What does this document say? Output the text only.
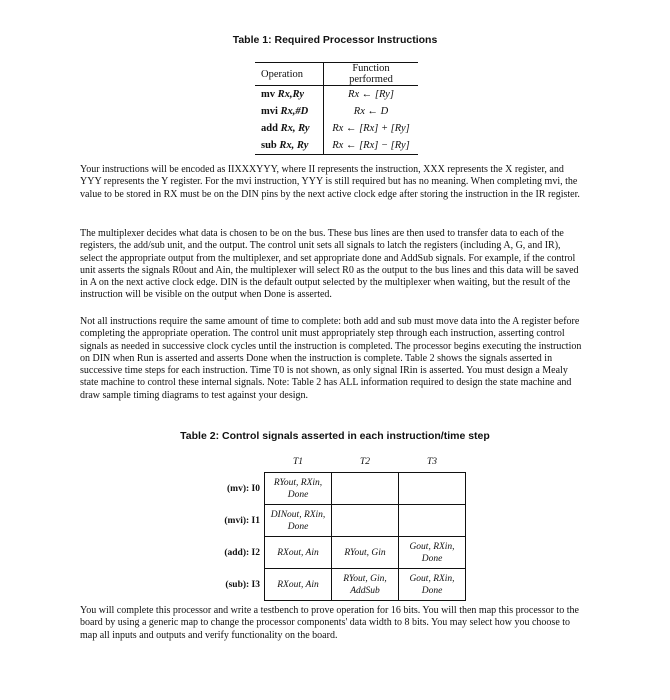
Table 1: Required Processor Instructions
Operation	Function performed
mv Rx,Ry	Rx ← [Ry]
mvi Rx,#D	Rx ← D
add Rx, Ry	Rx ← [Rx] + [Ry]
sub Rx, Ry	Rx ← [Rx] − [Ry]
Your instructions will be encoded as IIXXXYYY, where II represents the instruction, XXX represents the X register, and YYY represents the Y register. For the mvi instruction, YYY is still required but has no meaning. When completing mvi, the value to be stored in RX must be on the DIN pins by the next active clock edge after storing the instruction in the IR register.
The multiplexer decides what data is chosen to be on the bus. These bus lines are then used to transfer data to each of the registers, the add/sub unit, and the output. The control unit sets all signals to latch the registers (including A, G, and IR), select the appropriate output from the multiplexer, and set appropriate done and AddSub signals. For example, if the control unit asserts the signals R0out and Ain, the multiplexer will select R0 as the output to the bus lines and this data will be saved in A on the next active clock edge. DIN is the default output selected by the multiplexer when waiting, but the result of the instruction will be visible on the output when Done is asserted.
Not all instructions require the same amount of time to complete: both add and sub must move data into the A register before completing the appropriate operation. The control unit must appropriately step through each instruction, asserting control signals as needed in successive clock cycles until the instruction is completed. The processor begins executing the instruction on DIN when Run is asserted and asserts Done when the instruction is complete. Table 2 shows the signals asserted in successive time steps for each instruction. Time T0 is not shown, as only signal IRin is asserted. You must design a Mealy state machine to control these internal signals. Note: Table 2 has ALL information required to design the state machine and draw sample timing diagrams to test against your design.
Table 2: Control signals asserted in each instruction/time step
	T1	T2	T3
(mv): I0	RYout, RXin, Done		
(mvi): I1	DINout, RXin, Done		
(add): I2	RXout, Ain	RYout, Gin	Gout, RXin, Done
(sub): I3	RXout, Ain	RYout, Gin, AddSub	Gout, RXin, Done
You will complete this processor and write a testbench to prove operation for 16 bits. You will then map this processor to the board by using a generic map to change the processor components' data width to 8 bits. You may select how you choose to map all inputs and outputs and verify functionality on the board.
